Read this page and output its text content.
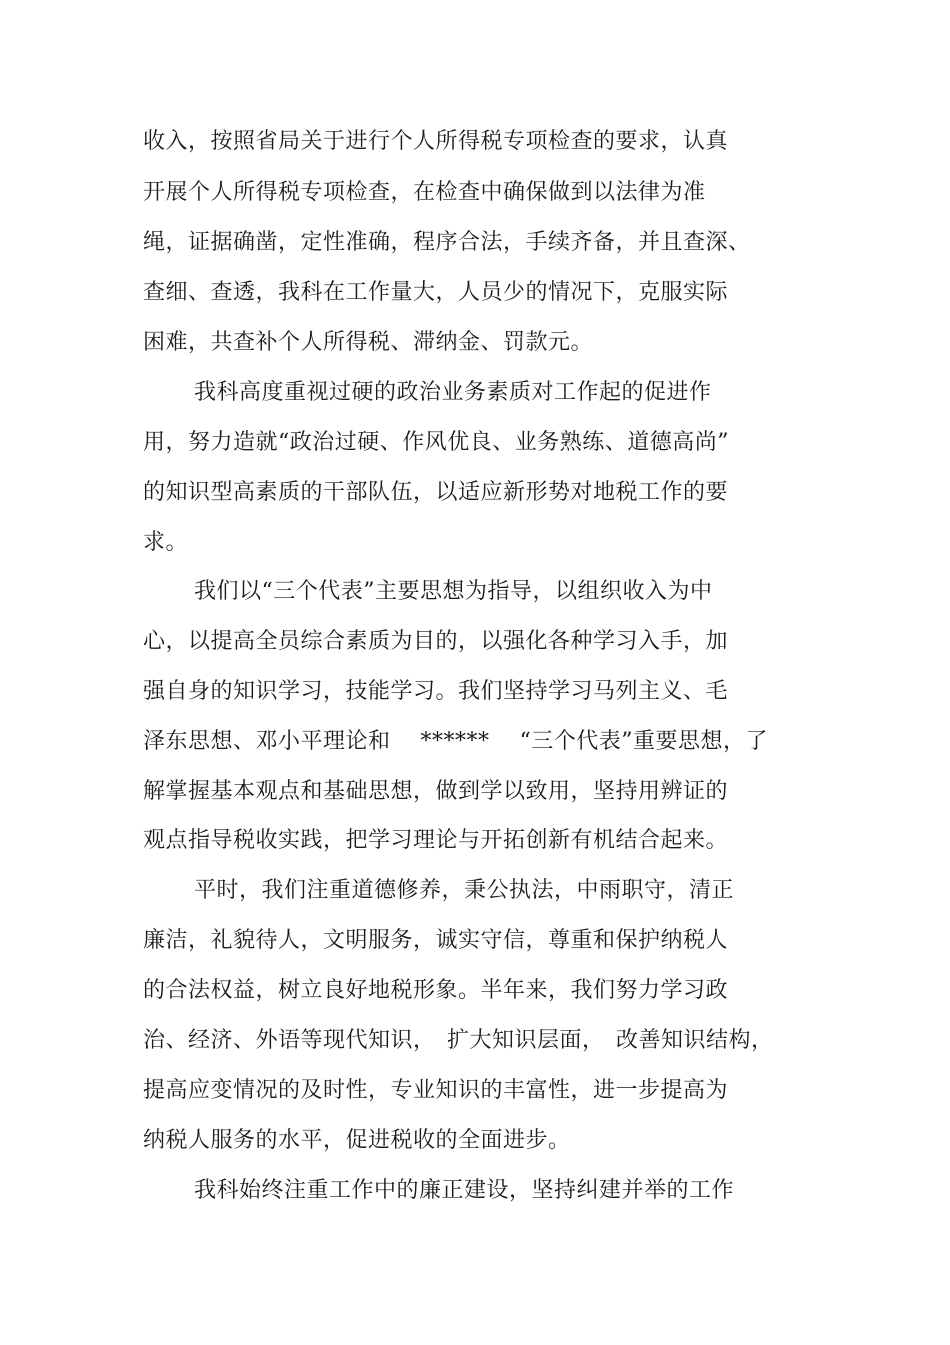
收入，按照省局关于进行个人所得税专项检查的要求，认真
开展个人所得税专项检查，在检查中确保做到以法律为准
绳，证据确凿，定性准确，程序合法，手续齐备，并且查深、
查细、查透，我科在工作量大，人员少的情况下，克服实际
困难，共查补个人所得税、滞纳金、罚款元。
我科高度重视过硬的政治业务素质对工作起的促进作
用，努力造就“政治过硬、作风优良、业务熟练、道德高尚”
的知识型高素质的干部队伍，以适应新形势对地税工作的要
求。
我们以“三个代表”主要思想为指导，以组织收入为中
心，以提高全员综合素质为目的，以强化各种学习入手，加
强自身的知识学习，技能学习。我们坚持学习马列主义、毛
泽东思想、邓小平理论和　 ****** 　“三个代表”重要思想，了
解掌握基本观点和基础思想，做到学以致用，坚持用辨证的
观点指导税收实践，把学习理论与开拓创新有机结合起来。
平时，我们注重道德修养，秉公执法，中雨职守，清正
廉洁，礼貌待人，文明服务，诚实守信，尊重和保护纳税人
的合法权益，树立良好地税形象。半年来，我们努力学习政
治、经济、外语等现代知识，　扩大知识层面，　改善知识结构，
提高应变情况的及时性，专业知识的丰富性，进一步提高为
纳税人服务的水平，促进税收的全面进步。
我科始终注重工作中的廉正建设，坚持纠建并举的工作
